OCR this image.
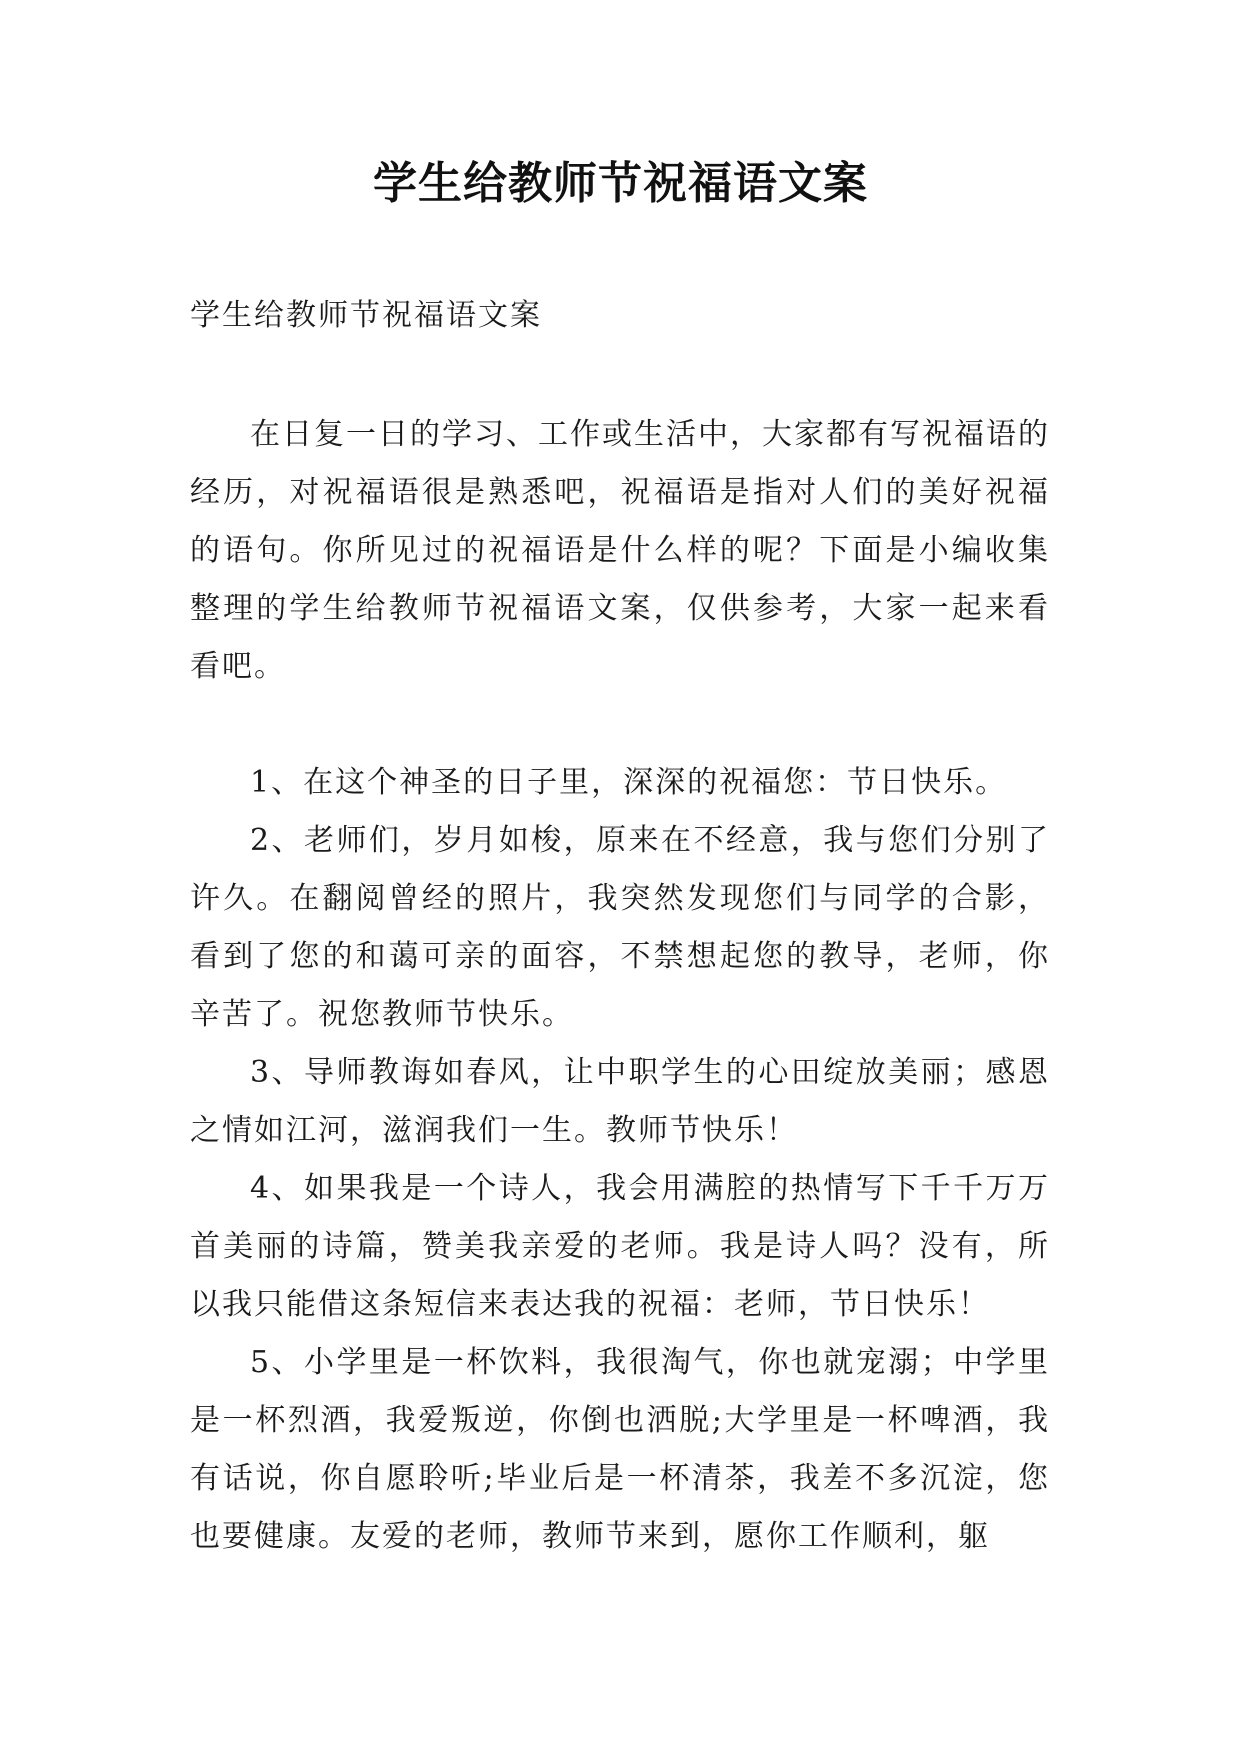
学生给教师节祝福语文案

学生给教师节祝福语文案

在日复一日的学习、工作或生活中，大家都有写祝福语的经历，对祝福语很是熟悉吧，祝福语是指对人们的美好祝福的语句。你所见过的祝福语是什么样的呢？下面是小编收集整理的学生给教师节祝福语文案，仅供参考，大家一起来看看吧。

1、在这个神圣的日子里，深深的祝福您：节日快乐。

2、老师们，岁月如梭，原来在不经意，我与您们分别了许久。在翻阅曾经的照片，我突然发现您们与同学的合影，看到了您的和蔼可亲的面容，不禁想起您的教导，老师，你辛苦了。祝您教师节快乐。

3、导师教诲如春风，让中职学生的心田绽放美丽；感恩之情如江河，滋润我们一生。教师节快乐！

4、如果我是一个诗人，我会用满腔的热情写下千千万万首美丽的诗篇，赞美我亲爱的老师。我是诗人吗？没有，所以我只能借这条短信来表达我的祝福：老师，节日快乐！

5、小学里是一杯饮料，我很淘气，你也就宠溺；中学里是一杯烈酒，我爱叛逆，你倒也洒脱;大学里是一杯啤酒，我有话说，你自愿聆听;毕业后是一杯清茶，我差不多沉淀，您也要健康。友爱的老师，教师节来到，愿你工作顺利，躯
